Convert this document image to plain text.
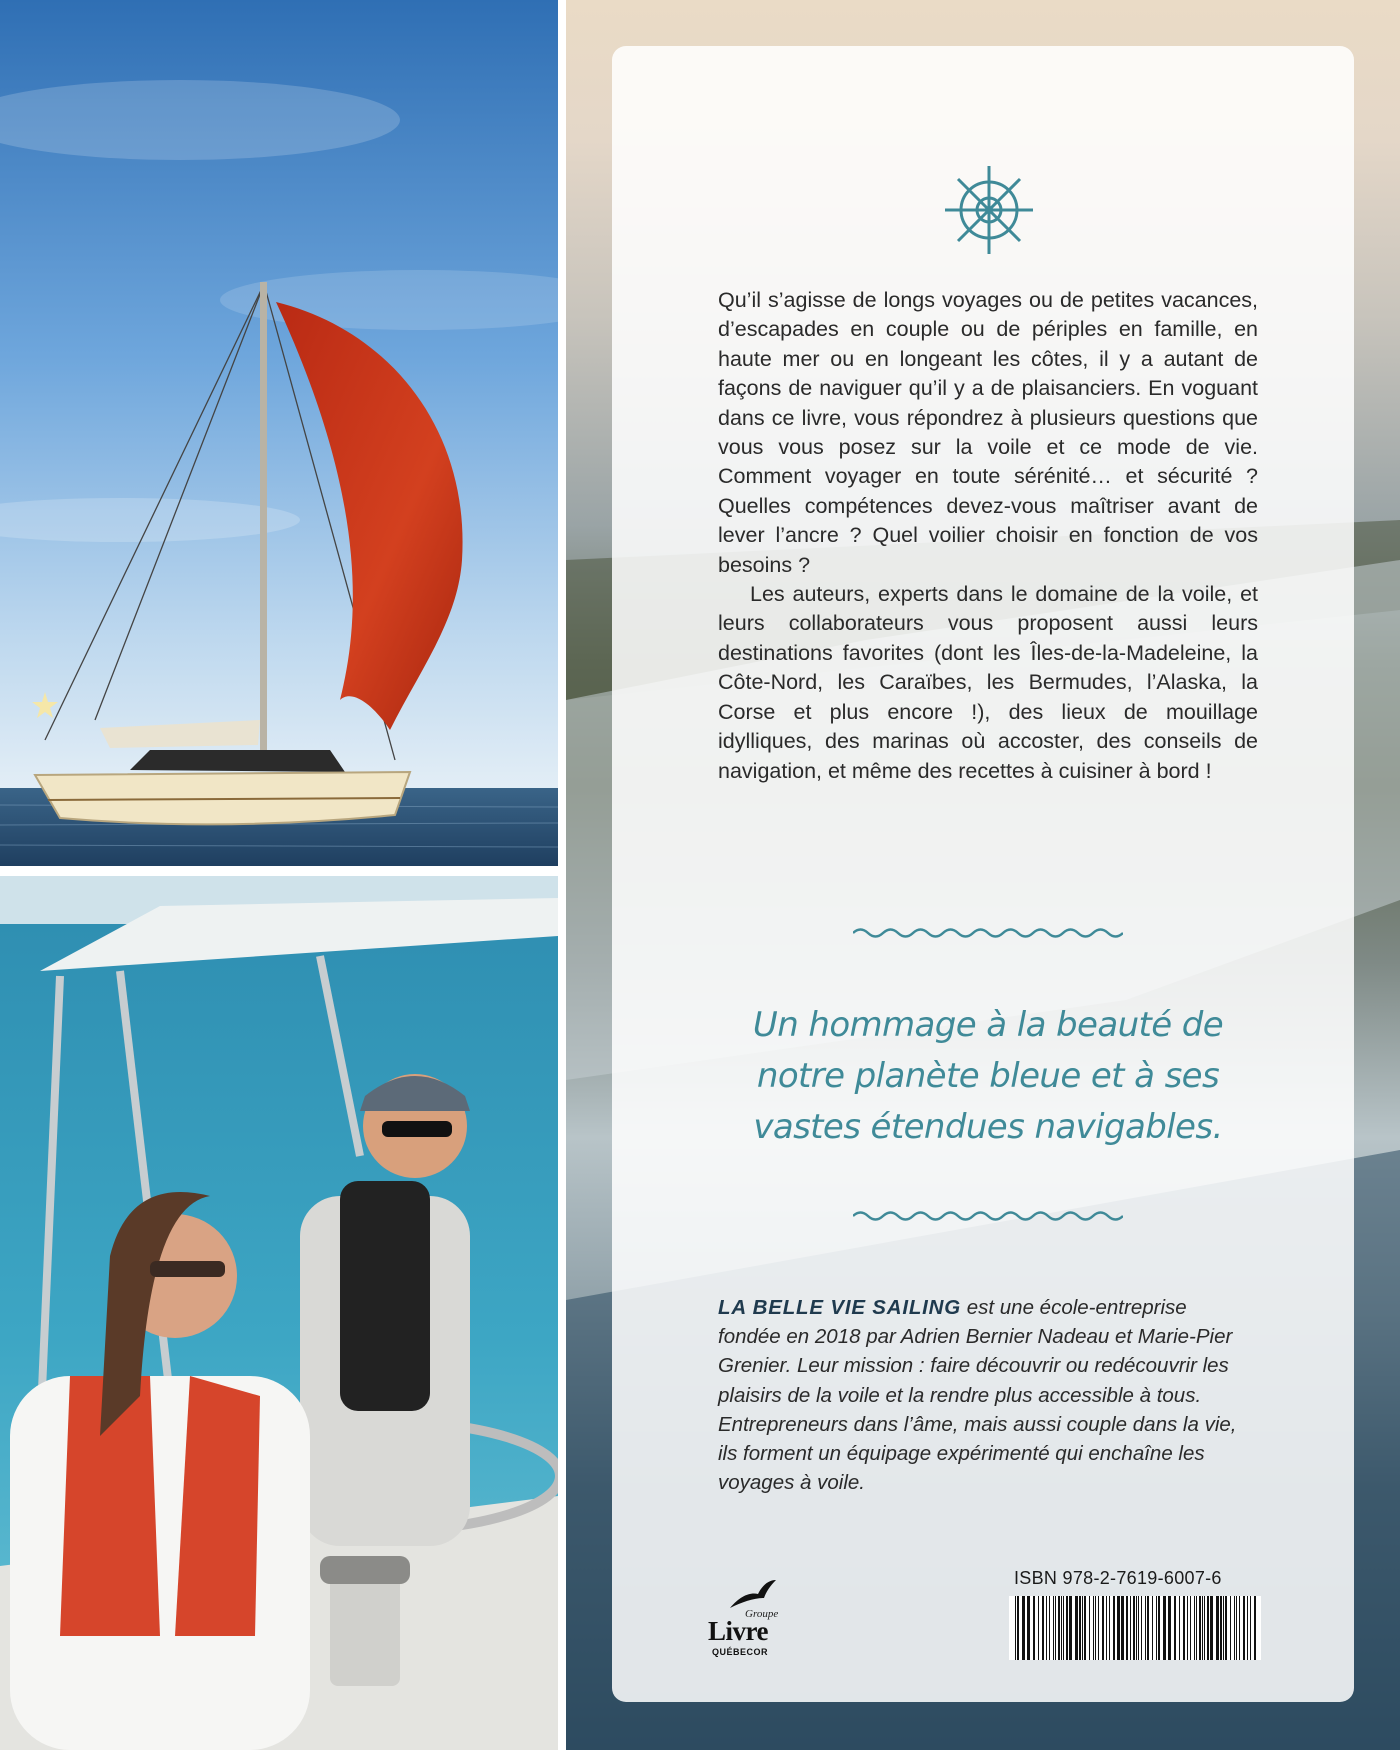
Qu’il s’agisse de longs voyages ou de petites vacances, d’escapades en couple ou de périples en famille, en haute mer ou en longeant les côtes, il y a autant de façons de naviguer qu’il y a de plaisanciers. En voguant dans ce livre, vous répondrez à plusieurs questions que vous vous posez sur la voile et ce mode de vie. Comment voyager en toute sérénité… et sécurité ? Quelles compétences devez-vous maîtriser avant de lever l’ancre ? Quel voilier choisir en fonction de vos besoins ?

Les auteurs, experts dans le domaine de la voile, et leurs collaborateurs vous proposent aussi leurs destinations favorites (dont les Îles-de-la-Madeleine, la Côte-Nord, les Caraïbes, les Bermudes, l’Alaska, la Corse et plus encore !), des lieux de mouillage idylliques, des marinas où accoster, des conseils de navigation, et même des recettes à cuisiner à bord !

Un hommage à la beauté de notre planète bleue et à ses vastes étendues navigables.

LA BELLE VIE SAILING est une école-entreprise fondée en 2018 par Adrien Bernier Nadeau et Marie-Pier Grenier. Leur mission : faire découvrir ou redécouvrir les plaisirs de la voile et la rendre plus accessible à tous. Entrepreneurs dans l’âme, mais aussi couple dans la vie, ils forment un équipage expérimenté qui enchaîne les voyages à voile.

Groupe
Livre
QUÉBECOR

ISBN 978-2-7619-6007-6
